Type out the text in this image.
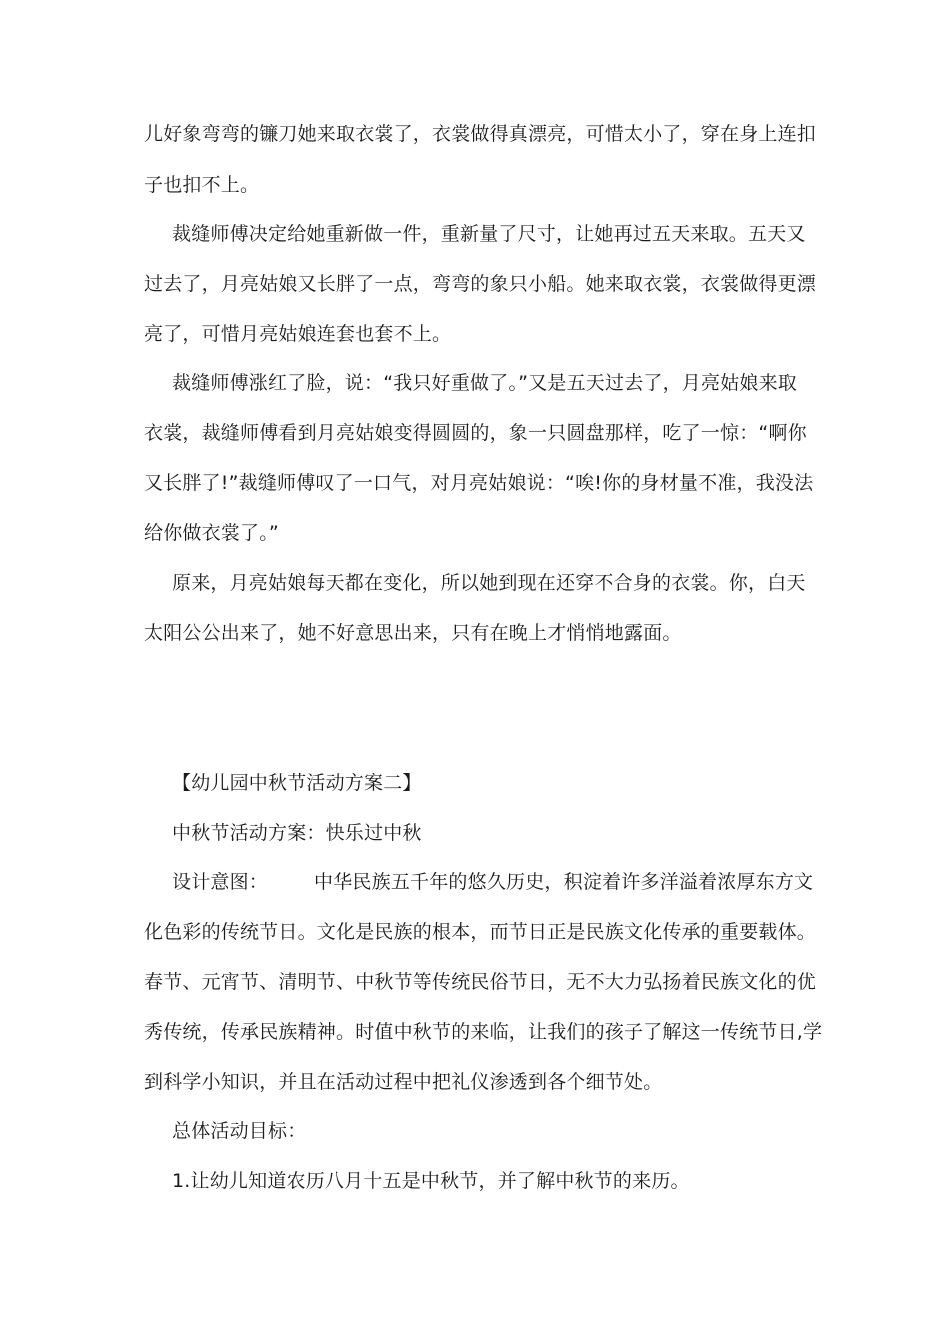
儿好象弯弯的镰刀她来取衣裳了，衣裳做得真漂亮，可惜太小了，穿在身上连扣
子也扣不上。
裁缝师傅决定给她重新做一件，重新量了尺寸，让她再过五天来取。五天又
过去了，月亮姑娘又长胖了一点，弯弯的象只小船。她来取衣裳，衣裳做得更漂
亮了，可惜月亮姑娘连套也套不上。
裁缝师傅涨红了脸，说：“我只好重做了。”又是五天过去了，月亮姑娘来取
衣裳，裁缝师傅看到月亮姑娘变得圆圆的，象一只圆盘那样，吃了一惊：“啊你
又长胖了!”裁缝师傅叹了一口气，对月亮姑娘说：“唉!你的身材量不准，我没法
给你做衣裳了。”
原来，月亮姑娘每天都在变化，所以她到现在还穿不合身的衣裳。你，白天
太阳公公出来了，她不好意思出来，只有在晚上才悄悄地露面。
【幼儿园中秋节活动方案二】
中秋节活动方案：快乐过中秋
设计意图： 中华民族五千年的悠久历史，积淀着许多洋溢着浓厚东方文
化色彩的传统节日。文化是民族的根本，而节日正是民族文化传承的重要载体。
春节、元宵节、清明节、中秋节等传统民俗节日，无不大力弘扬着民族文化的优
秀传统，传承民族精神。时值中秋节的来临，让我们的孩子了解这一传统节日,学
到科学小知识，并且在活动过程中把礼仪渗透到各个细节处。
总体活动目标：
1.让幼儿知道农历八月十五是中秋节，并了解中秋节的来历。
